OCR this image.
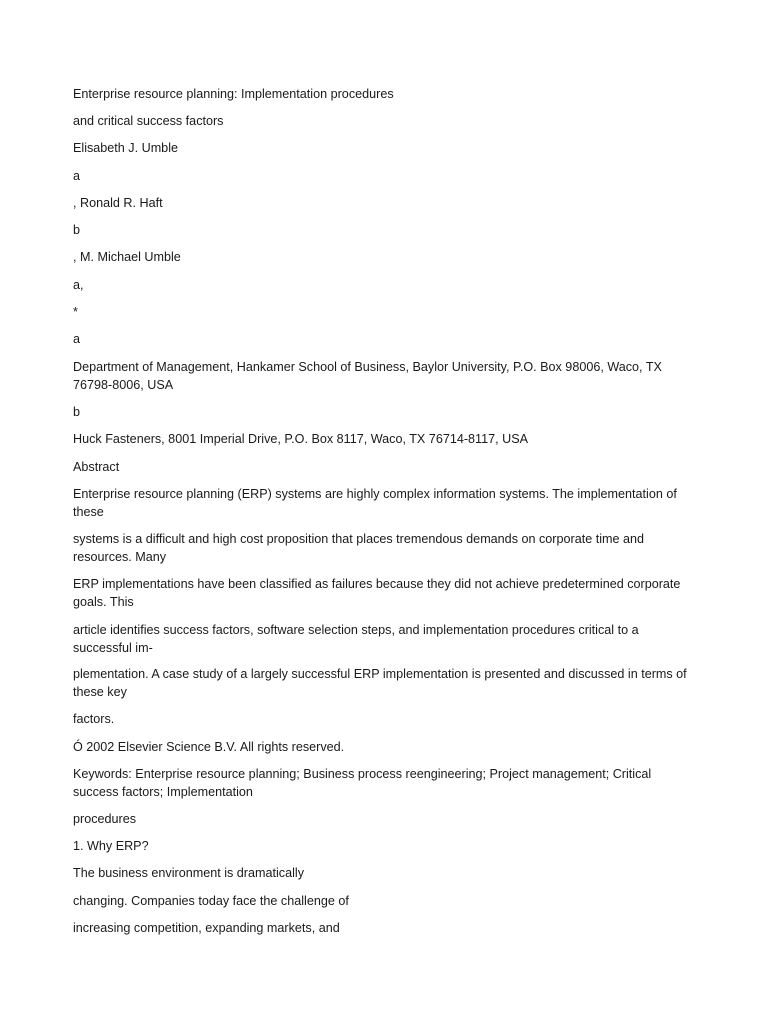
Enterprise resource planning: Implementation procedures

and critical success factors

Elisabeth J. Umble

a

, Ronald R. Haft

b

, M. Michael Umble

a,

*

a

Department of Management, Hankamer School of Business, Baylor University, P.O. Box 98006, Waco, TX 76798-8006, USA

b

Huck Fasteners, 8001 Imperial Drive, P.O. Box 8117, Waco, TX 76714-8117, USA

Abstract

Enterprise resource planning (ERP) systems are highly complex information systems. The implementation of these

systems is a difficult and high cost proposition that places tremendous demands on corporate time and resources. Many

ERP implementations have been classified as failures because they did not achieve predetermined corporate goals. This

article identifies success factors, software selection steps, and implementation procedures critical to a successful im-

plementation. A case study of a largely successful ERP implementation is presented and discussed in terms of these key

factors.

Ó 2002 Elsevier Science B.V. All rights reserved.

Keywords: Enterprise resource planning; Business process reengineering; Project management; Critical success factors; Implementation

procedures

1. Why ERP?

The business environment is dramatically

changing. Companies today face the challenge of

increasing competition, expanding markets, and
